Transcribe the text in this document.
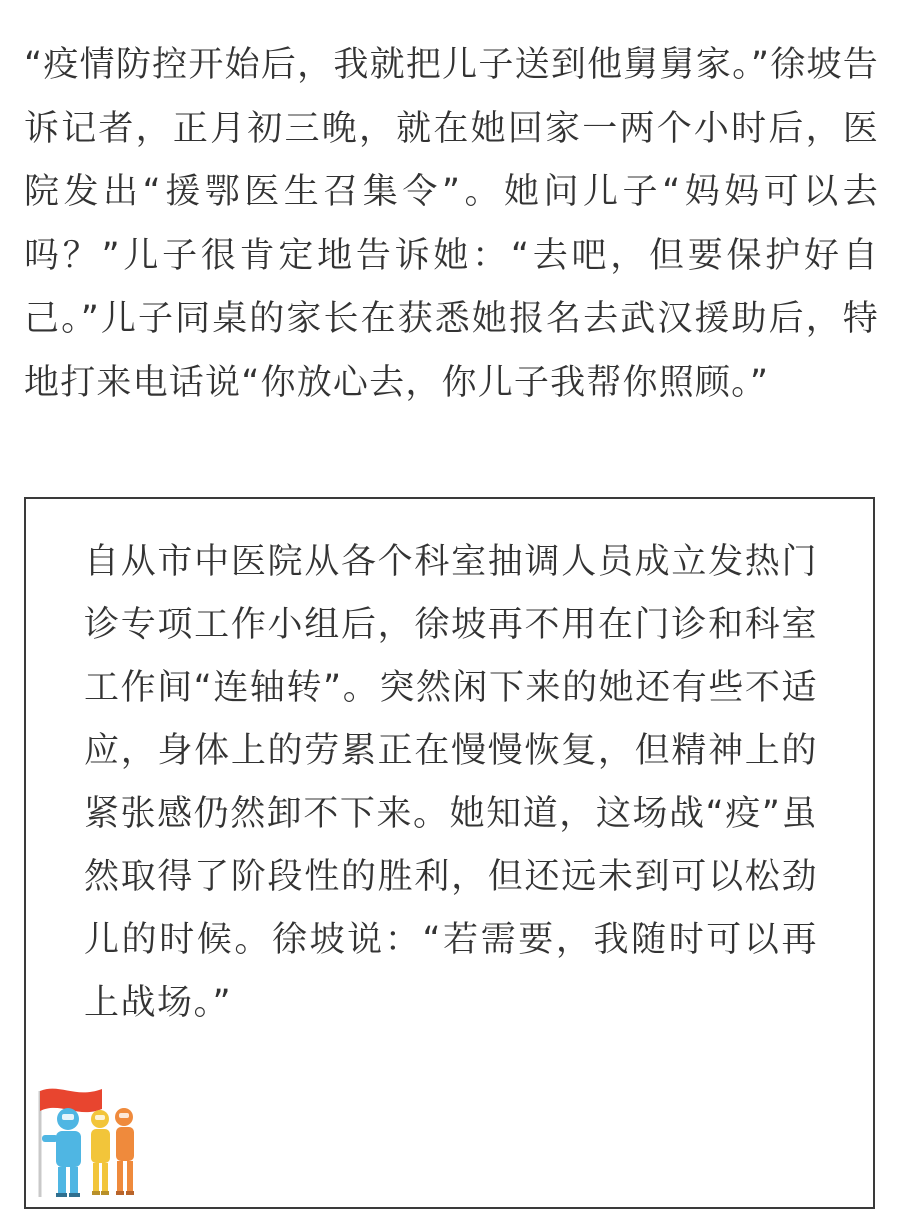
“疫情防控开始后，我就把儿子送到他舅舅家。”徐坡告诉记者，正月初三晚，就在她回家一两个小时后，医院发出“援鄂医生召集令”。她问儿子“妈妈可以去吗？”儿子很肯定地告诉她：“去吧，但要保护好自己。”儿子同桌的家长在获悉她报名去武汉援助后，特地打来电话说“你放心去，你儿子我帮你照顾。”

自从市中医院从各个科室抽调人员成立发热门诊专项工作小组后，徐坡再不用在门诊和科室工作间“连轴转”。突然闲下来的她还有些不适应，身体上的劳累正在慢慢恢复，但精神上的紧张感仍然卸不下来。她知道，这场战“疫”虽然取得了阶段性的胜利，但还远未到可以松劲儿的时候。徐坡说：“若需要，我随时可以再上战场。”
